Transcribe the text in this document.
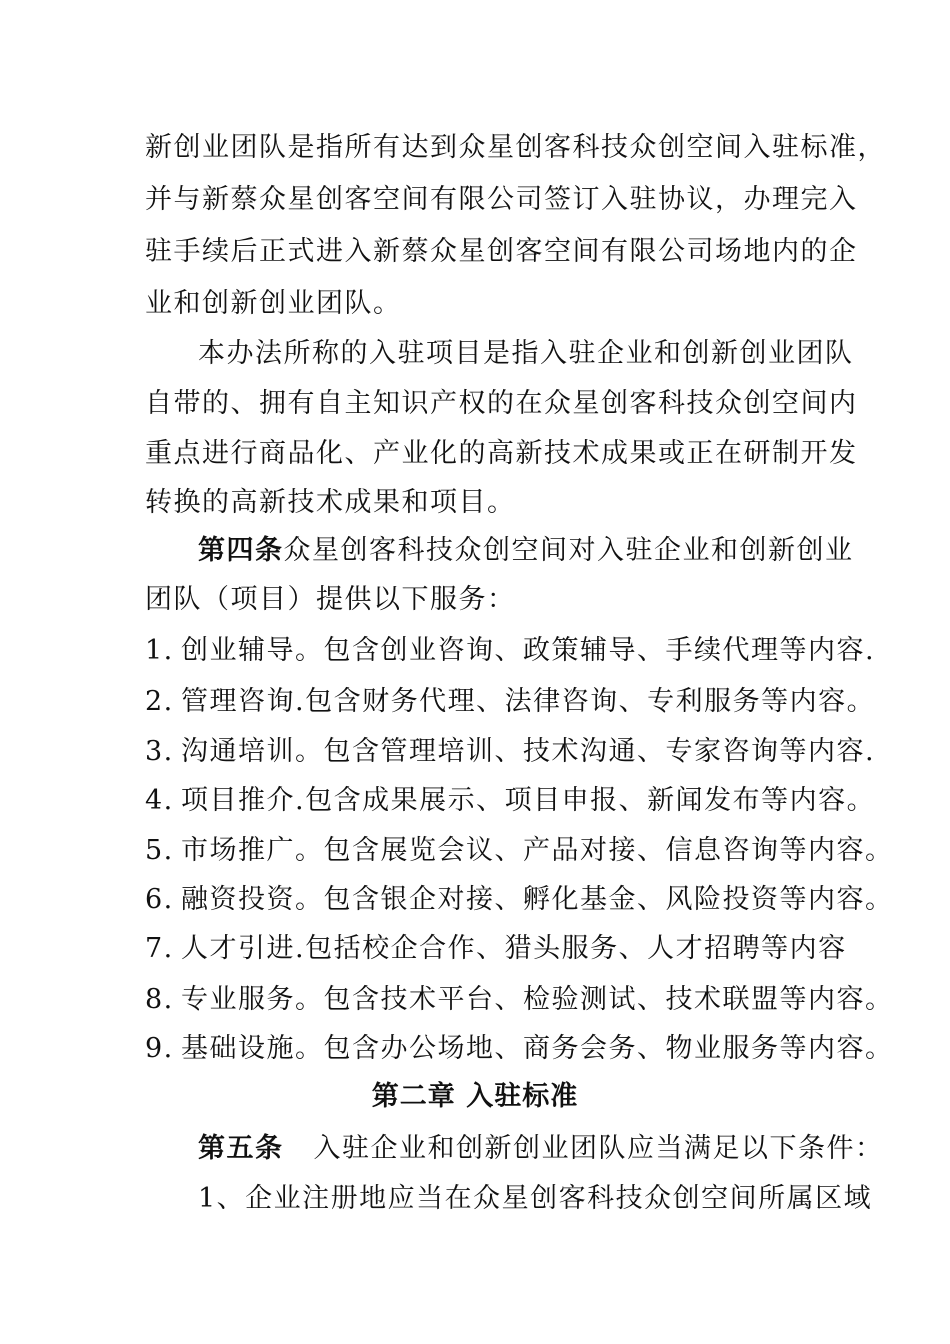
新创业团队是指所有达到众星创客科技众创空间入驻标准，
并与新蔡众星创客空间有限公司签订入驻协议，办理完入
驻手续后正式进入新蔡众星创客空间有限公司场地内的企
业和创新创业团队。
本办法所称的入驻项目是指入驻企业和创新创业团队
自带的、拥有自主知识产权的在众星创客科技众创空间内
重点进行商品化、产业化的高新技术成果或正在研制开发
转换的高新技术成果和项目。
第四条众星创客科技众创空间对入驻企业和创新创业
团队（项目）提供以下服务：
1. 创业辅导。包含创业咨询、政策辅导、手续代理等内容.
2. 管理咨询.包含财务代理、法律咨询、专利服务等内容。
3. 沟通培训。包含管理培训、技术沟通、专家咨询等内容.
4. 项目推介.包含成果展示、项目申报、新闻发布等内容。
5. 市场推广。包含展览会议、产品对接、信息咨询等内容。
6. 融资投资。包含银企对接、孵化基金、风险投资等内容。
7. 人才引进.包括校企合作、猎头服务、人才招聘等内容
8. 专业服务。包含技术平台、检验测试、技术联盟等内容。
9. 基础设施。包含办公场地、商务会务、物业服务等内容。
第二章 入驻标准
第五条 入驻企业和创新创业团队应当满足以下条件：
1、企业注册地应当在众星创客科技众创空间所属区域
